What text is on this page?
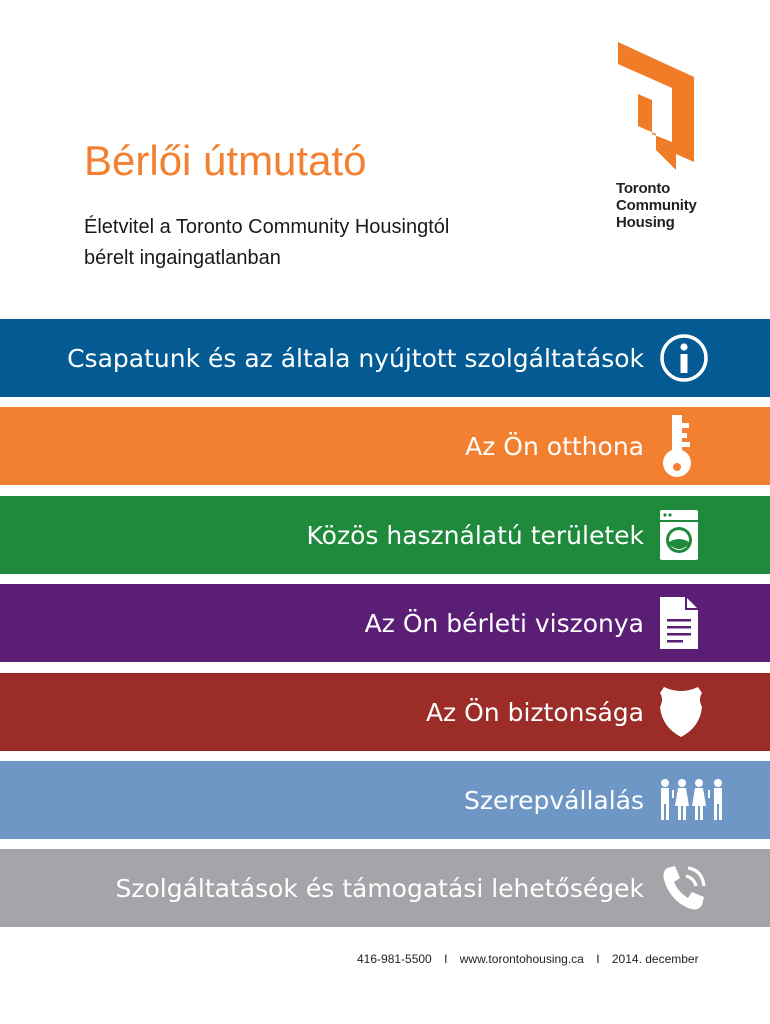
Bérlői útmutató
Életvitel a Toronto Community Housingtól
bérelt ingaingatlanban
Toronto
Community
Housing
Csapatunk és az általa nyújtott szolgáltatások
Az Ön otthona
Közös használatú területek
Az Ön bérleti viszonya
Az Ön biztonsága
Szerepvállalás
Szolgáltatások és támogatási lehetőségek
416-981-5500 I www.torontohousing.ca I 2014. december
